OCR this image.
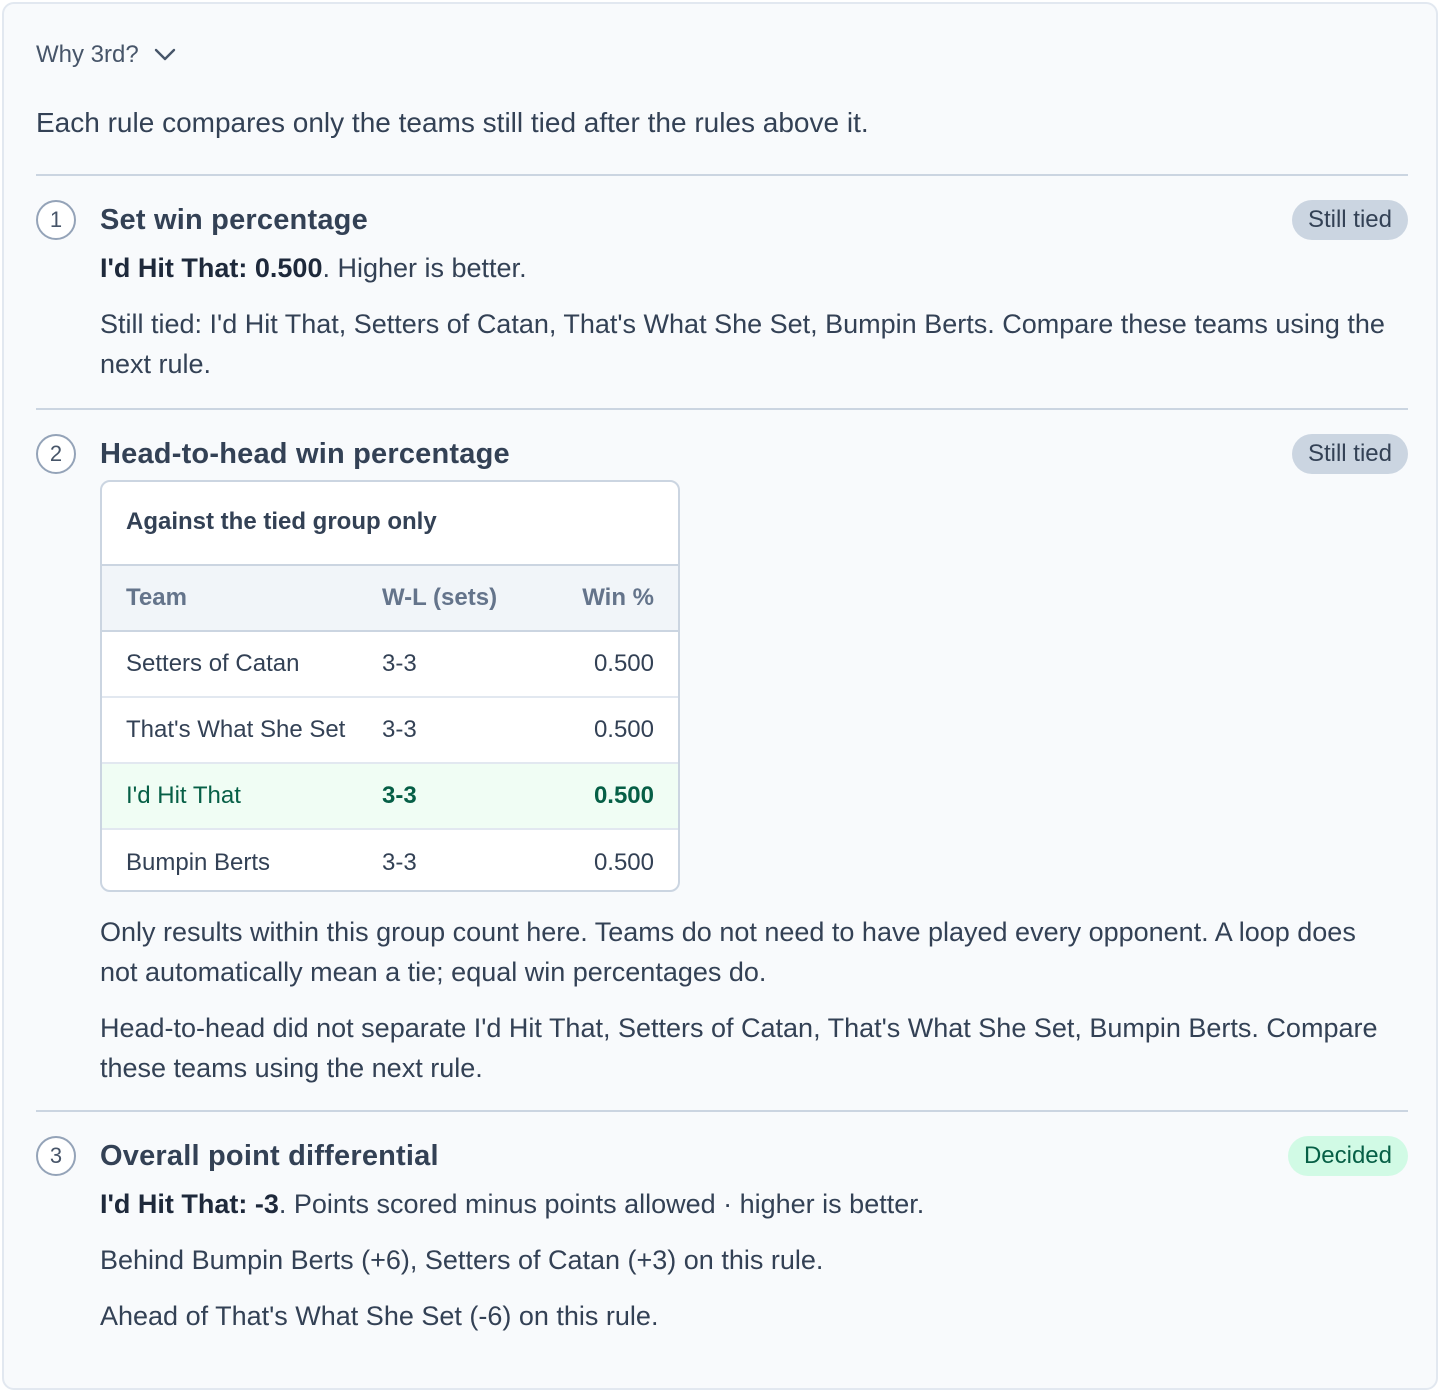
Why 3rd?
Each rule compares only the teams still tied after the rules above it.
1	Set win percentage	Still tied
I'd Hit That: 0.500. Higher is better.
Still tied: I'd Hit That, Setters of Catan, That's What She Set, Bumpin Berts. Compare these teams using the next rule.
2	Head-to-head win percentage	Still tied
Against the tied group only
Team	W-L (sets)	Win %
Setters of Catan	3-3	0.500
That's What She Set	3-3	0.500
I'd Hit That	3-3	0.500
Bumpin Berts	3-3	0.500
Only results within this group count here. Teams do not need to have played every opponent. A loop does not automatically mean a tie; equal win percentages do.
Head-to-head did not separate I'd Hit That, Setters of Catan, That's What She Set, Bumpin Berts. Compare these teams using the next rule.
3	Overall point differential	Decided
I'd Hit That: -3. Points scored minus points allowed · higher is better.
Behind Bumpin Berts (+6), Setters of Catan (+3) on this rule.
Ahead of That's What She Set (-6) on this rule.
